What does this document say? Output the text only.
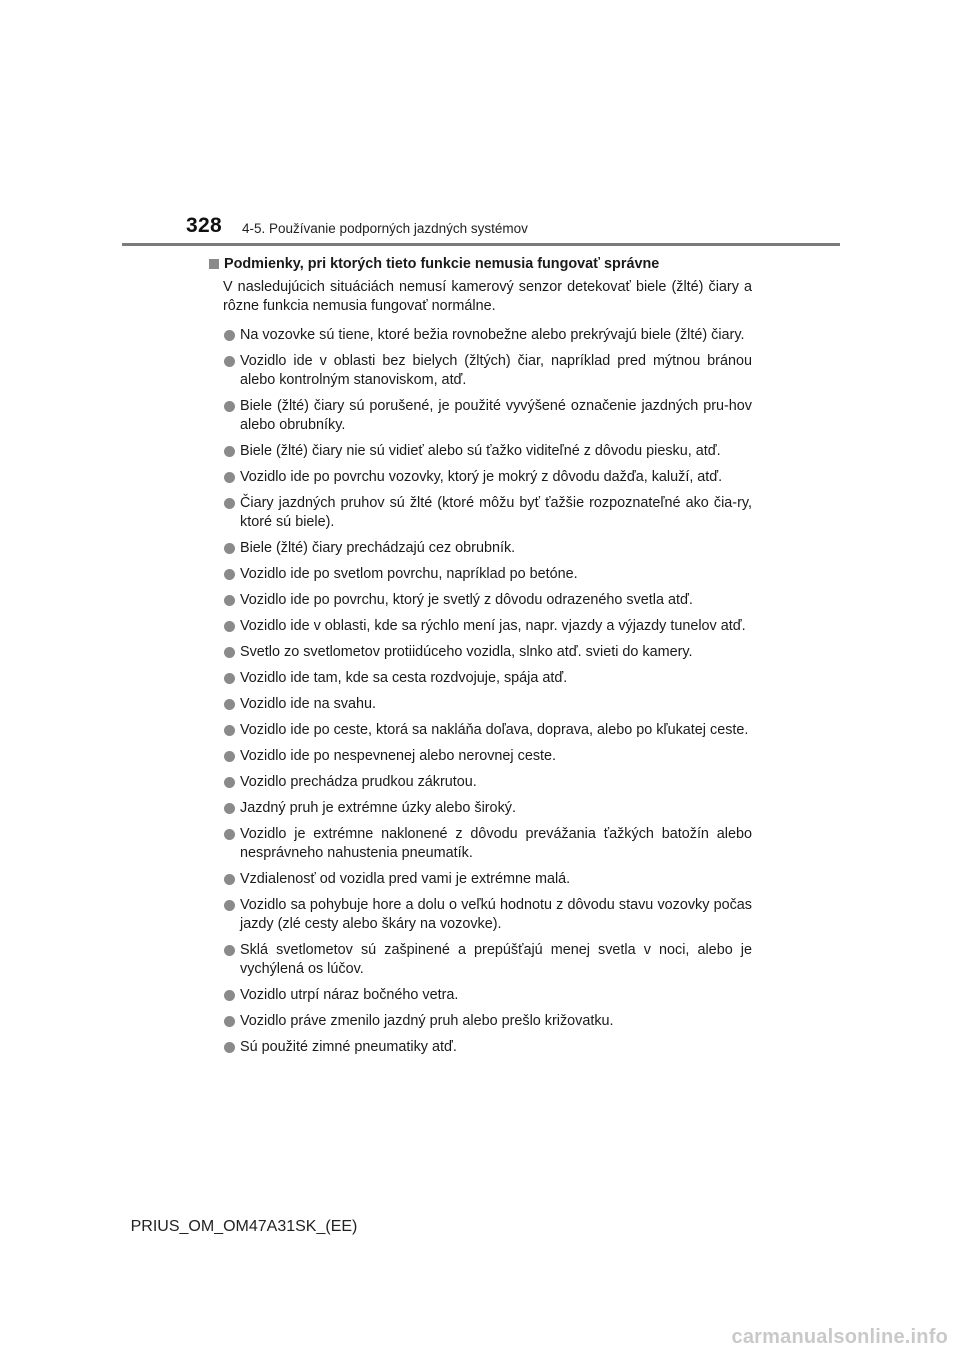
328 4-5. Používanie podporných jazdných systémov
Podmienky, pri ktorých tieto funkcie nemusia fungovať správne
V nasledujúcich situáciách nemusí kamerový senzor detekovať biele (žlté) čiary a rôzne funkcia nemusia fungovať normálne.
Na vozovke sú tiene, ktoré bežia rovnobežne alebo prekrývajú biele (žlté) čiary.
Vozidlo ide v oblasti bez bielych (žltých) čiar, napríklad pred mýtnou bránou alebo kontrolným stanoviskom, atď.
Biele (žlté) čiary sú porušené, je použité vyvýšené označenie jazdných pru-hov alebo obrubníky.
Biele (žlté) čiary nie sú vidieť alebo sú ťažko viditeľné z dôvodu piesku, atď.
Vozidlo ide po povrchu vozovky, ktorý je mokrý z dôvodu dažďa, kaluží, atď.
Čiary jazdných pruhov sú žlté (ktoré môžu byť ťažšie rozpoznateľné ako čia-ry, ktoré sú biele).
Biele (žlté) čiary prechádzajú cez obrubník.
Vozidlo ide po svetlom povrchu, napríklad po betóne.
Vozidlo ide po povrchu, ktorý je svetlý z dôvodu odrazeného svetla atď.
Vozidlo ide v oblasti, kde sa rýchlo mení jas, napr. vjazdy a výjazdy tunelov atď.
Svetlo zo svetlometov protiidúceho vozidla, slnko atď. svieti do kamery.
Vozidlo ide tam, kde sa cesta rozdvojuje, spája atď.
Vozidlo ide na svahu.
Vozidlo ide po ceste, ktorá sa nakláňa doľava, doprava, alebo po kľukatej ceste.
Vozidlo ide po nespevnenej alebo nerovnej ceste.
Vozidlo prechádza prudkou zákrutou.
Jazdný pruh je extrémne úzky alebo široký.
Vozidlo je extrémne naklonené z dôvodu prevážania ťažkých batožín alebo nesprávneho nahustenia pneumatík.
Vzdialenosť od vozidla pred vami je extrémne malá.
Vozidlo sa pohybuje hore a dolu o veľkú hodnotu z dôvodu stavu vozovky počas jazdy (zlé cesty alebo škáry na vozovke).
Sklá svetlometov sú zašpinené a prepúšťajú menej svetla v noci, alebo je vychýlená os lúčov.
Vozidlo utrpí náraz bočného vetra.
Vozidlo práve zmenilo jazdný pruh alebo prešlo križovatku.
Sú použité zimné pneumatiky atď.
PRIUS_OM_OM47A31SK_(EE)
carmanualsonline.info
